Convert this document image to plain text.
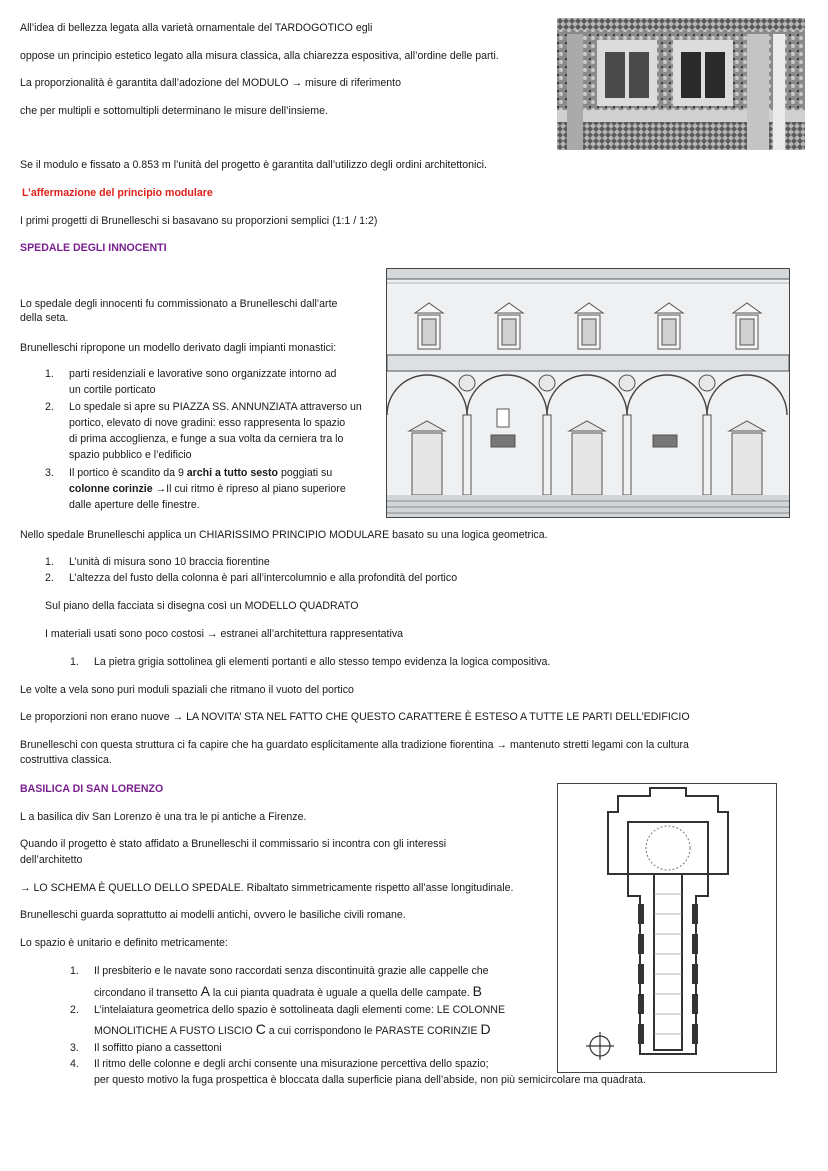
All’idea di bellezza legata alla varietà ornamentale del TARDOGOTICO egli
oppose un principio estetico legato alla misura classica, alla chiarezza espositiva, all’ordine delle parti.
La proporzionalità è garantita dall’adozione del MODULO → misure di riferimento
che per multipli e sottomultipli determinano le misure dell’insieme.
Se il modulo e fissato a 0.853 m l’unità del progetto è garantita dall’utilizzo degli ordini architettonici.
L’affermazione del principio modulare
I primi progetti di Brunelleschi si basavano su proporzioni semplici (1:1 / 1:2)
SPEDALE DEGLI INNOCENTI
Lo spedale degli innocenti fu commissionato a Brunelleschi dall’arte
della seta.
Brunelleschi ripropone un modello derivato dagli impianti monastici:
1. parti residenziali e lavorative sono organizzate intorno ad
un cortile porticato
2. Lo spedale si apre su PIAZZA SS. ANNUNZIATA attraverso un
portico, elevato di nove gradini: esso rappresenta lo spazio
di prima accoglienza, e funge a sua volta da cerniera tra lo
spazio pubblico e l’edificio
3. Il portico è scandito da 9 archi a tutto sesto poggiati su
colonne corinzie →Il cui ritmo è ripreso al piano superiore
dalle aperture delle finestre.
Nello spedale Brunelleschi applica un CHIARISSIMO PRINCIPIO MODULARE basato su una logica geometrica.
1. L’unità di misura sono 10 braccia fiorentine
2. L’altezza del fusto della colonna è pari all’intercolumnio e alla profondità del portico
Sul piano della facciata si disegna così un MODELLO QUADRATO
I materiali usati sono poco costosi → estranei all’architettura rappresentativa
1. La pietra grigia sottolinea gli elementi portanti e allo stesso tempo evidenza la logica compositiva.
Le volte a vela sono puri moduli spaziali che ritmano il vuoto del portico
Le proporzioni non erano nuove → LA NOVITA’ STA NEL FATTO CHE QUESTO CARATTERE È ESTESO A TUTTE LE PARTI DELL’EDIFICIO
Brunelleschi con questa struttura ci fa capire che ha guardato esplicitamente alla tradizione fiorentina → mantenuto stretti legami con la cultura
costruttiva classica.
BASILICA DI SAN LORENZO
L a basilica div San Lorenzo è una tra le pi antiche a Firenze.
Quando il progetto è stato affidato a Brunelleschi il commissario si incontra con gli interessi
dell’architetto
→ LO SCHEMA È QUELLO DELLO SPEDALE. Ribaltato simmetricamente rispetto all’asse longitudinale.
Brunelleschi guarda soprattutto ai modelli antichi, ovvero le basiliche civili romane.
Lo spazio è unitario e definito metricamente:
1. Il presbiterio e le navate sono raccordati senza discontinuità grazie alle cappelle che
circondano il transetto A la cui pianta quadrata è uguale a quella delle campate. B
2. L’intelaiatura geometrica dello spazio è sottolineata dagli elementi come: LE COLONNE
MONOLITICHE A FUSTO LISCIO C a cui corrispondono le PARASTE CORINZIE D
3. Il soffitto piano a cassettoni
4. Il ritmo delle colonne e degli archi consente una misurazione percettiva dello spazio;
per questo motivo la fuga prospettica è bloccata dalla superficie piana dell’abside, non più semicircolare ma quadrata.
